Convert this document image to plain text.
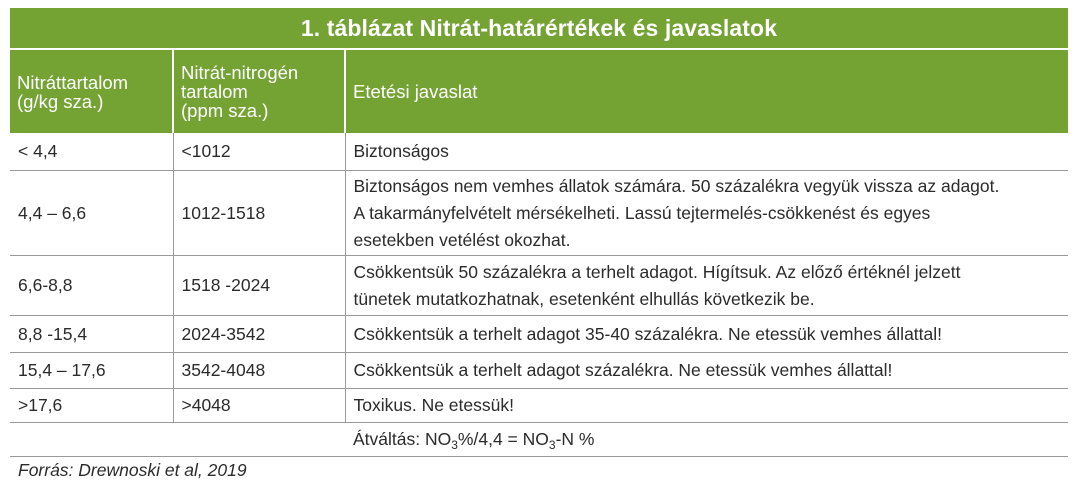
1. táblázat Nitrát-határértékek és javaslatok
Nitráttartalom
(g/kg sza.)	Nitrát-nitrogén
tartalom
(ppm sza.)	Etetési javaslat

< 4,4	<1012	Biztonságos

4,4 – 6,6	1012-1518	Biztonságos nem vemhes állatok számára. 50 százalékra vegyük vissza az adagot.
A takarmányfelvételt mérsékelheti. Lassú tejtermelés-csökkenést és egyes
esetekben vetélést okozhat.

6,6-8,8	1518 -2024	Csökkentsük 50 százalékra a terhelt adagot. Hígítsuk. Az előző értéknél jelzett
tünetek mutatkozhatnak, esetenként elhullás következik be.

8,8 -15,4	2024-3542	Csökkentsük a terhelt adagot 35-40 százalékra. Ne etessük vemhes állattal!

15,4 – 17,6	3542-4048	Csökkentsük a terhelt adagot százalékra. Ne etessük vemhes állattal!

>17,6	>4048	Toxikus. Ne etessük!

		Átváltás: $NO_3\%/4,4 = NO_3-N$ %
Forrás: Drewnoski et al, 2019
